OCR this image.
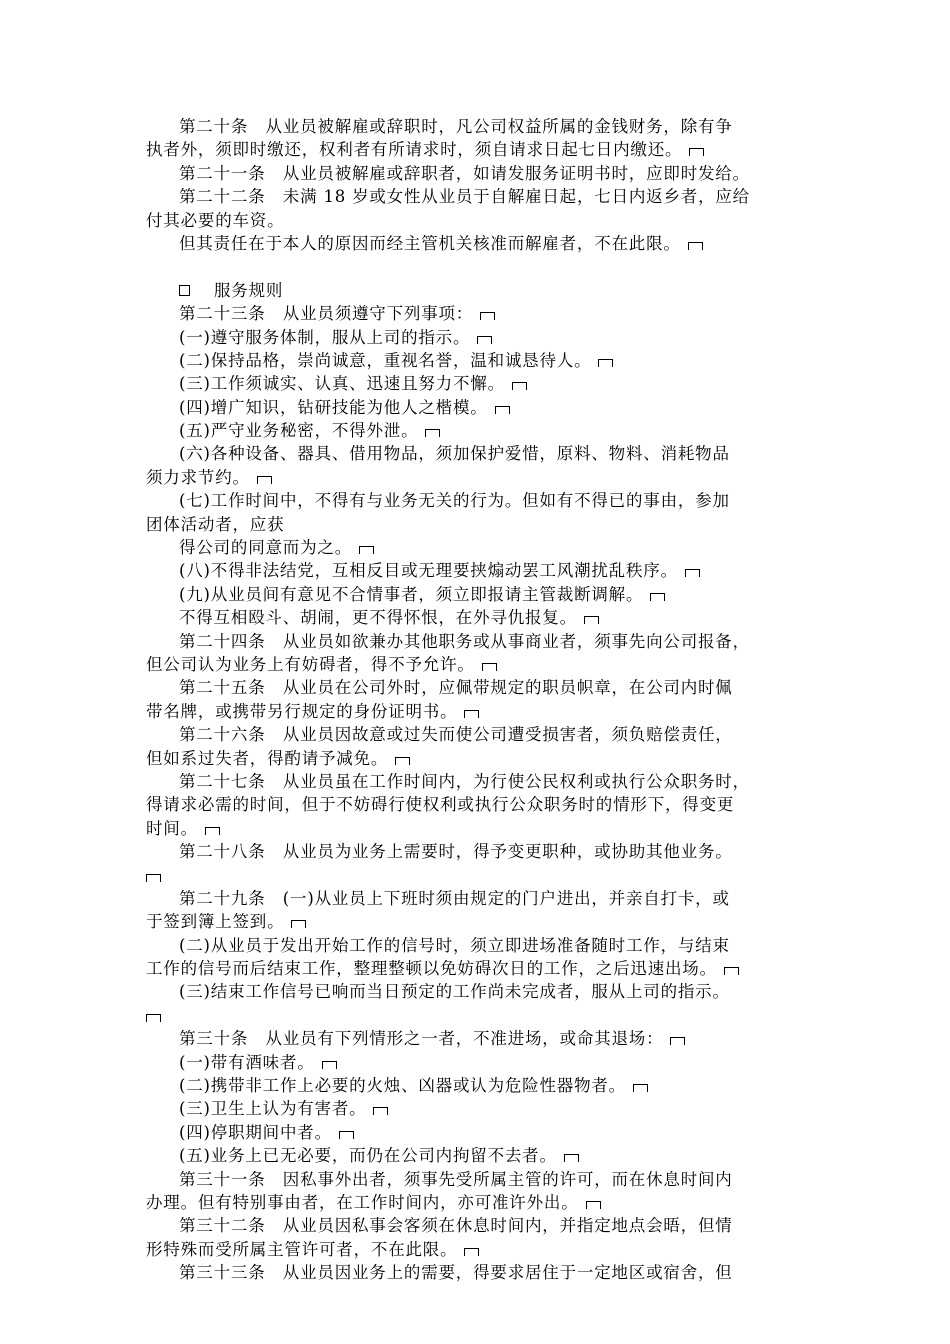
第二十条　从业员被解雇或辞职时，凡公司权益所属的金钱财务，除有争
执者外，须即时缴还，权利者有所请求时，须自请求日起七日内缴还。
第二十一条　从业员被解雇或辞职者，如请发服务证明书时，应即时发给。
第二十二条　未满 18 岁或女性从业员于自解雇日起，七日内返乡者，应给
付其必要的车资。
但其责任在于本人的原因而经主管机关核准而解雇者，不在此限。
服务规则
第二十三条　从业员须遵守下列事项：
(一)遵守服务体制，服从上司的指示。
(二)保持品格，崇尚诚意，重视名誉，温和诚恳待人。
(三)工作须诚实、认真、迅速且努力不懈。
(四)增广知识，钻研技能为他人之楷模。
(五)严守业务秘密，不得外泄。
(六)各种设备、器具、借用物品，须加保护爱惜，原料、物料、消耗物品
须力求节约。
(七)工作时间中，不得有与业务无关的行为。但如有不得已的事由，参加
团体活动者，应获
得公司的同意而为之。
(八)不得非法结党，互相反目或无理要挟煽动罢工风潮扰乱秩序。
(九)从业员间有意见不合情事者，须立即报请主管裁断调解。
不得互相殴斗、胡闹，更不得怀恨，在外寻仇报复。
第二十四条　从业员如欲兼办其他职务或从事商业者，须事先向公司报备，
但公司认为业务上有妨碍者，得不予允许。
第二十五条　从业员在公司外时，应佩带规定的职员帜章，在公司内时佩
带名牌，或携带另行规定的身份证明书。
第二十六条　从业员因故意或过失而使公司遭受损害者，须负赔偿责任，
但如系过失者，得酌请予减免。
第二十七条　从业员虽在工作时间内，为行使公民权利或执行公众职务时，
得请求必需的时间，但于不妨碍行使权利或执行公众职务时的情形下，得变更
时间。
第二十八条　从业员为业务上需要时，得予变更职种，或协助其他业务。
第二十九条　(一)从业员上下班时须由规定的门户进出，并亲自打卡，或
于签到簿上签到。
(二)从业员于发出开始工作的信号时，须立即进场准备随时工作，与结束
工作的信号而后结束工作，整理整顿以免妨碍次日的工作，之后迅速出场。
(三)结束工作信号已响而当日预定的工作尚未完成者，服从上司的指示。
第三十条　从业员有下列情形之一者，不准进场，或命其退场：
(一)带有酒味者。
(二)携带非工作上必要的火烛、凶器或认为危险性器物者。
(三)卫生上认为有害者。
(四)停职期间中者。
(五)业务上已无必要，而仍在公司内拘留不去者。
第三十一条　因私事外出者，须事先受所属主管的许可，而在休息时间内
办理。但有特别事由者，在工作时间内，亦可准许外出。
第三十二条　从业员因私事会客须在休息时间内，并指定地点会晤，但情
形特殊而受所属主管许可者，不在此限。
第三十三条　从业员因业务上的需要，得要求居住于一定地区或宿舍，但
